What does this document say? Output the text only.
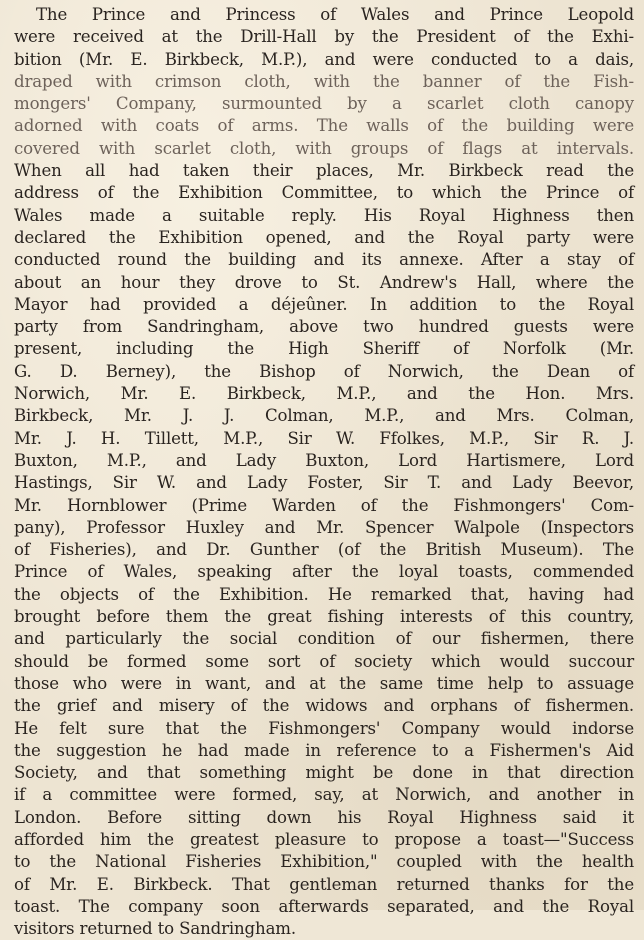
The Prince and Princess of Wales and Prince Leopold
were received at the Drill-Hall by the President of the Exhi-
bition (Mr. E. Birkbeck, M.P.), and were conducted to a dais,
draped with crimson cloth, with the banner of the Fish-
mongers' Company, surmounted by a scarlet cloth canopy
adorned with coats of arms. The walls of the building were
covered with scarlet cloth, with groups of flags at intervals.
When all had taken their places, Mr. Birkbeck read the
address of the Exhibition Committee, to which the Prince of
Wales made a suitable reply. His Royal Highness then
declared the Exhibition opened, and the Royal party were
conducted round the building and its annexe. After a stay of
about an hour they drove to St. Andrew's Hall, where the
Mayor had provided a déjeûner. In addition to the Royal
party from Sandringham, above two hundred guests were
present, including the High Sheriff of Norfolk (Mr.
G. D. Berney), the Bishop of Norwich, the Dean of
Norwich, Mr. E. Birkbeck, M.P., and the Hon. Mrs.
Birkbeck, Mr. J. J. Colman, M.P., and Mrs. Colman,
Mr. J. H. Tillett, M.P., Sir W. Ffolkes, M.P., Sir R. J.
Buxton, M.P., and Lady Buxton, Lord Hartismere, Lord
Hastings, Sir W. and Lady Foster, Sir T. and Lady Beevor,
Mr. Hornblower (Prime Warden of the Fishmongers' Com-
pany), Professor Huxley and Mr. Spencer Walpole (Inspectors
of Fisheries), and Dr. Gunther (of the British Museum). The
Prince of Wales, speaking after the loyal toasts, commended
the objects of the Exhibition. He remarked that, having had
brought before them the great fishing interests of this country,
and particularly the social condition of our fishermen, there
should be formed some sort of society which would succour
those who were in want, and at the same time help to assuage
the grief and misery of the widows and orphans of fishermen.
He felt sure that the Fishmongers' Company would indorse
the suggestion he had made in reference to a Fishermen's Aid
Society, and that something might be done in that direction
if a committee were formed, say, at Norwich, and another in
London. Before sitting down his Royal Highness said it
afforded him the greatest pleasure to propose a toast—"Success
to the National Fisheries Exhibition," coupled with the health
of Mr. E. Birkbeck. That gentleman returned thanks for the
toast. The company soon afterwards separated, and the Royal
visitors returned to Sandringham.
